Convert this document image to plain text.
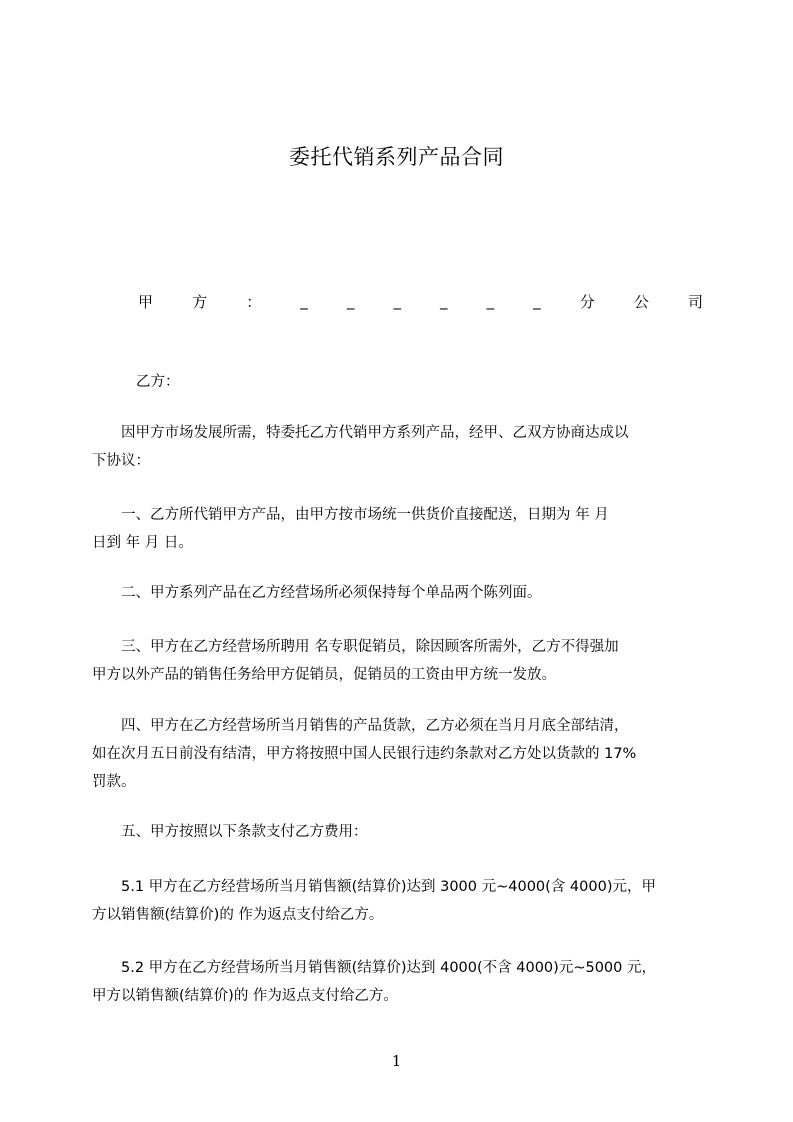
委托代销系列产品合同
甲	方	：	_	_	_	_	_	_	分	公	司
乙方：
　　因甲方市场发展所需，特委托乙方代销甲方系列产品，经甲、乙双方协商达成以
下协议：
　　一、乙方所代销甲方产品，由甲方按市场统一供货价直接配送，日期为 年 月
日到 年 月 日。
　　二、甲方系列产品在乙方经营场所必须保持每个单品两个陈列面。
　　三、甲方在乙方经营场所聘用 名专职促销员，除因顾客所需外，乙方不得强加
甲方以外产品的销售任务给甲方促销员，促销员的工资由甲方统一发放。
　　四、甲方在乙方经营场所当月销售的产品货款，乙方必须在当月月底全部结清，
如在次月五日前没有结清，甲方将按照中国人民银行违约条款对乙方处以货款的 17%
罚款。
　　五、甲方按照以下条款支付乙方费用：
　　5.1 甲方在乙方经营场所当月销售额(结算价)达到 3000 元~4000(含 4000)元，甲
方以销售额(结算价)的 作为返点支付给乙方。
　　5.2 甲方在乙方经营场所当月销售额(结算价)达到 4000(不含 4000)元~5000 元，
甲方以销售额(结算价)的 作为返点支付给乙方。
1
